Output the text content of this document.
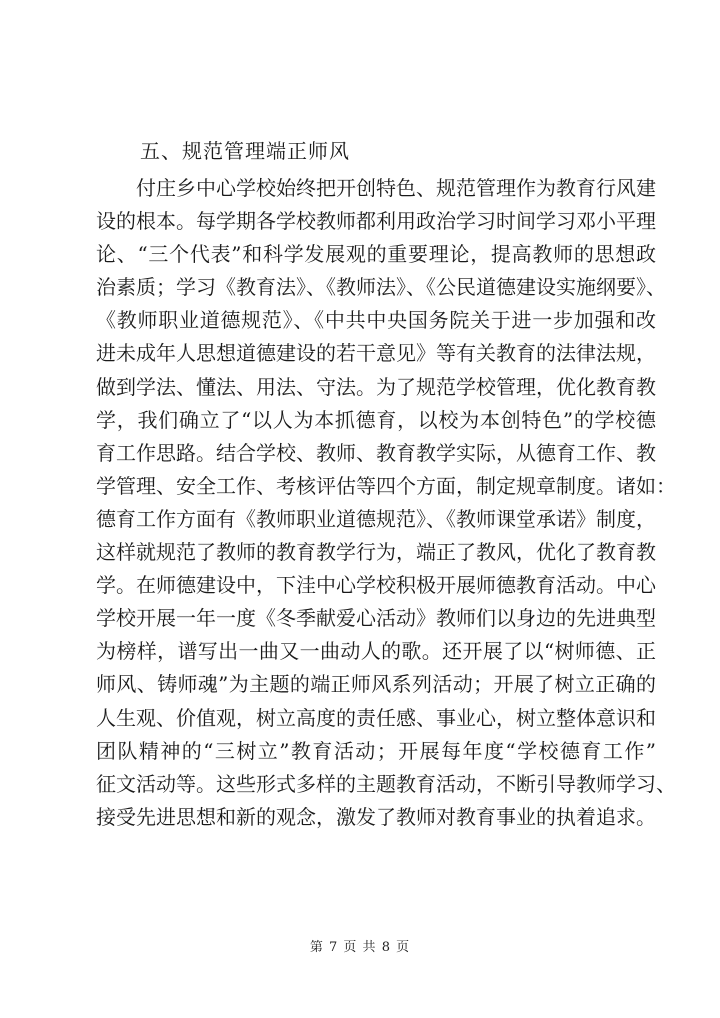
五、规范管理端正师风
付庄乡中心学校始终把开创特色、规范管理作为教育行风建
设的根本。每学期各学校教师都利用政治学习时间学习邓小平理
论、“三个代表”和科学发展观的重要理论，提高教师的思想政
治素质；学习《教育法》、《教师法》、《公民道德建设实施纲要》、
《教师职业道德规范》、《中共中央国务院关于进一步加强和改
进未成年人思想道德建设的若干意见》等有关教育的法律法规，
做到学法、懂法、用法、守法。为了规范学校管理，优化教育教
学，我们确立了“以人为本抓德育，以校为本创特色”的学校德
育工作思路。结合学校、教师、教育教学实际，从德育工作、教
学管理、安全工作、考核评估等四个方面，制定规章制度。诸如：
德育工作方面有《教师职业道德规范》、《教师课堂承诺》制度，
这样就规范了教师的教育教学行为，端正了教风，优化了教育教
学。在师德建设中，下洼中心学校积极开展师德教育活动。中心
学校开展一年一度《冬季献爱心活动》教师们以身边的先进典型
为榜样，谱写出一曲又一曲动人的歌。还开展了以“树师德、正
师风、铸师魂”为主题的端正师风系列活动；开展了树立正确的
人生观、价值观，树立高度的责任感、事业心，树立整体意识和
团队精神的“三树立”教育活动；开展每年度“学校德育工作”
征文活动等。这些形式多样的主题教育活动，不断引导教师学习、
接受先进思想和新的观念，激发了教师对教育事业的执着追求。
第 7 页 共 8 页
